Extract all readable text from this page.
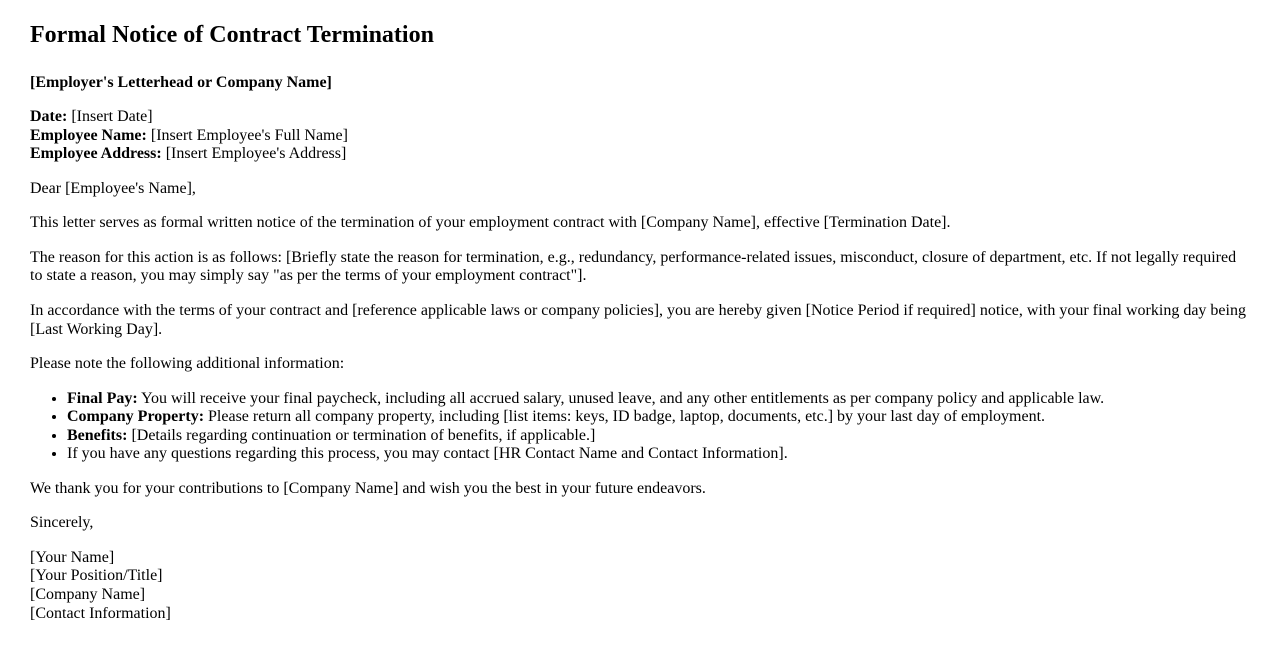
Formal Notice of Contract Termination

[Employer's Letterhead or Company Name]

Date: [Insert Date]
Employee Name: [Insert Employee's Full Name]
Employee Address: [Insert Employee's Address]

Dear [Employee's Name],

This letter serves as formal written notice of the termination of your employment contract with [Company Name], effective [Termination Date].

The reason for this action is as follows: [Briefly state the reason for termination, e.g., redundancy, performance-related issues, misconduct, closure of department, etc. If not legally required to state a reason, you may simply say "as per the terms of your employment contract"].

In accordance with the terms of your contract and [reference applicable laws or company policies], you are hereby given [Notice Period if required] notice, with your final working day being [Last Working Day].

Please note the following additional information:

• Final Pay: You will receive your final paycheck, including all accrued salary, unused leave, and any other entitlements as per company policy and applicable law.
• Company Property: Please return all company property, including [list items: keys, ID badge, laptop, documents, etc.] by your last day of employment.
• Benefits: [Details regarding continuation or termination of benefits, if applicable.]
• If you have any questions regarding this process, you may contact [HR Contact Name and Contact Information].

We thank you for your contributions to [Company Name] and wish you the best in your future endeavors.

Sincerely,

[Your Name]
[Your Position/Title]
[Company Name]
[Contact Information]
